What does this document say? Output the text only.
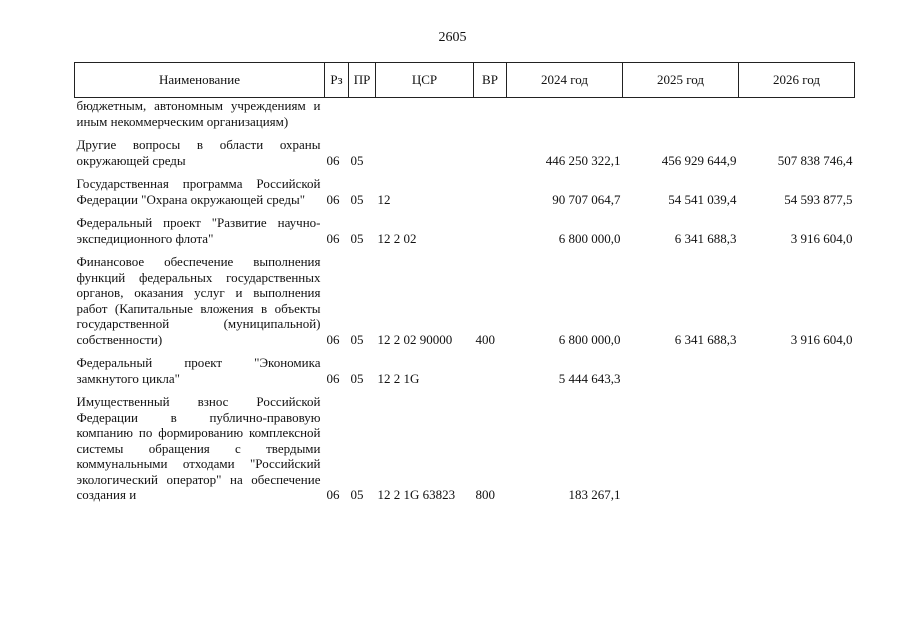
2605
Наименование	Рз	ПР	ЦСР	ВР	2024 год	2025 год	2026 год
бюджетным, автономным учреждениям и иным некоммерческим организациям)							
Другие вопросы в области охраны окружающей среды	06	05			446 250 322,1	456 929 644,9	507 838 746,4
Государственная программа Российской Федерации "Охрана окружающей среды"	06	05	12		90 707 064,7	54 541 039,4	54 593 877,5
Федеральный проект "Развитие научно-экспедиционного флота"	06	05	12 2 02		6 800 000,0	6 341 688,3	3 916 604,0
Финансовое обеспечение выполнения функций федеральных государственных органов, оказания услуг и выполнения работ (Капитальные вложения в объекты государственной (муниципальной) собственности)	06	05	12 2 02 90000	400	6 800 000,0	6 341 688,3	3 916 604,0
Федеральный проект "Экономика замкнутого цикла"	06	05	12 2 1G		5 444 643,3		
Имущественный взнос Российской Федерации в публично-правовую компанию по формированию комплексной системы обращения с твердыми коммунальными отходами "Российский экологический оператор" на обеспечение создания и	06	05	12 2 1G 63823	800	183 267,1		
